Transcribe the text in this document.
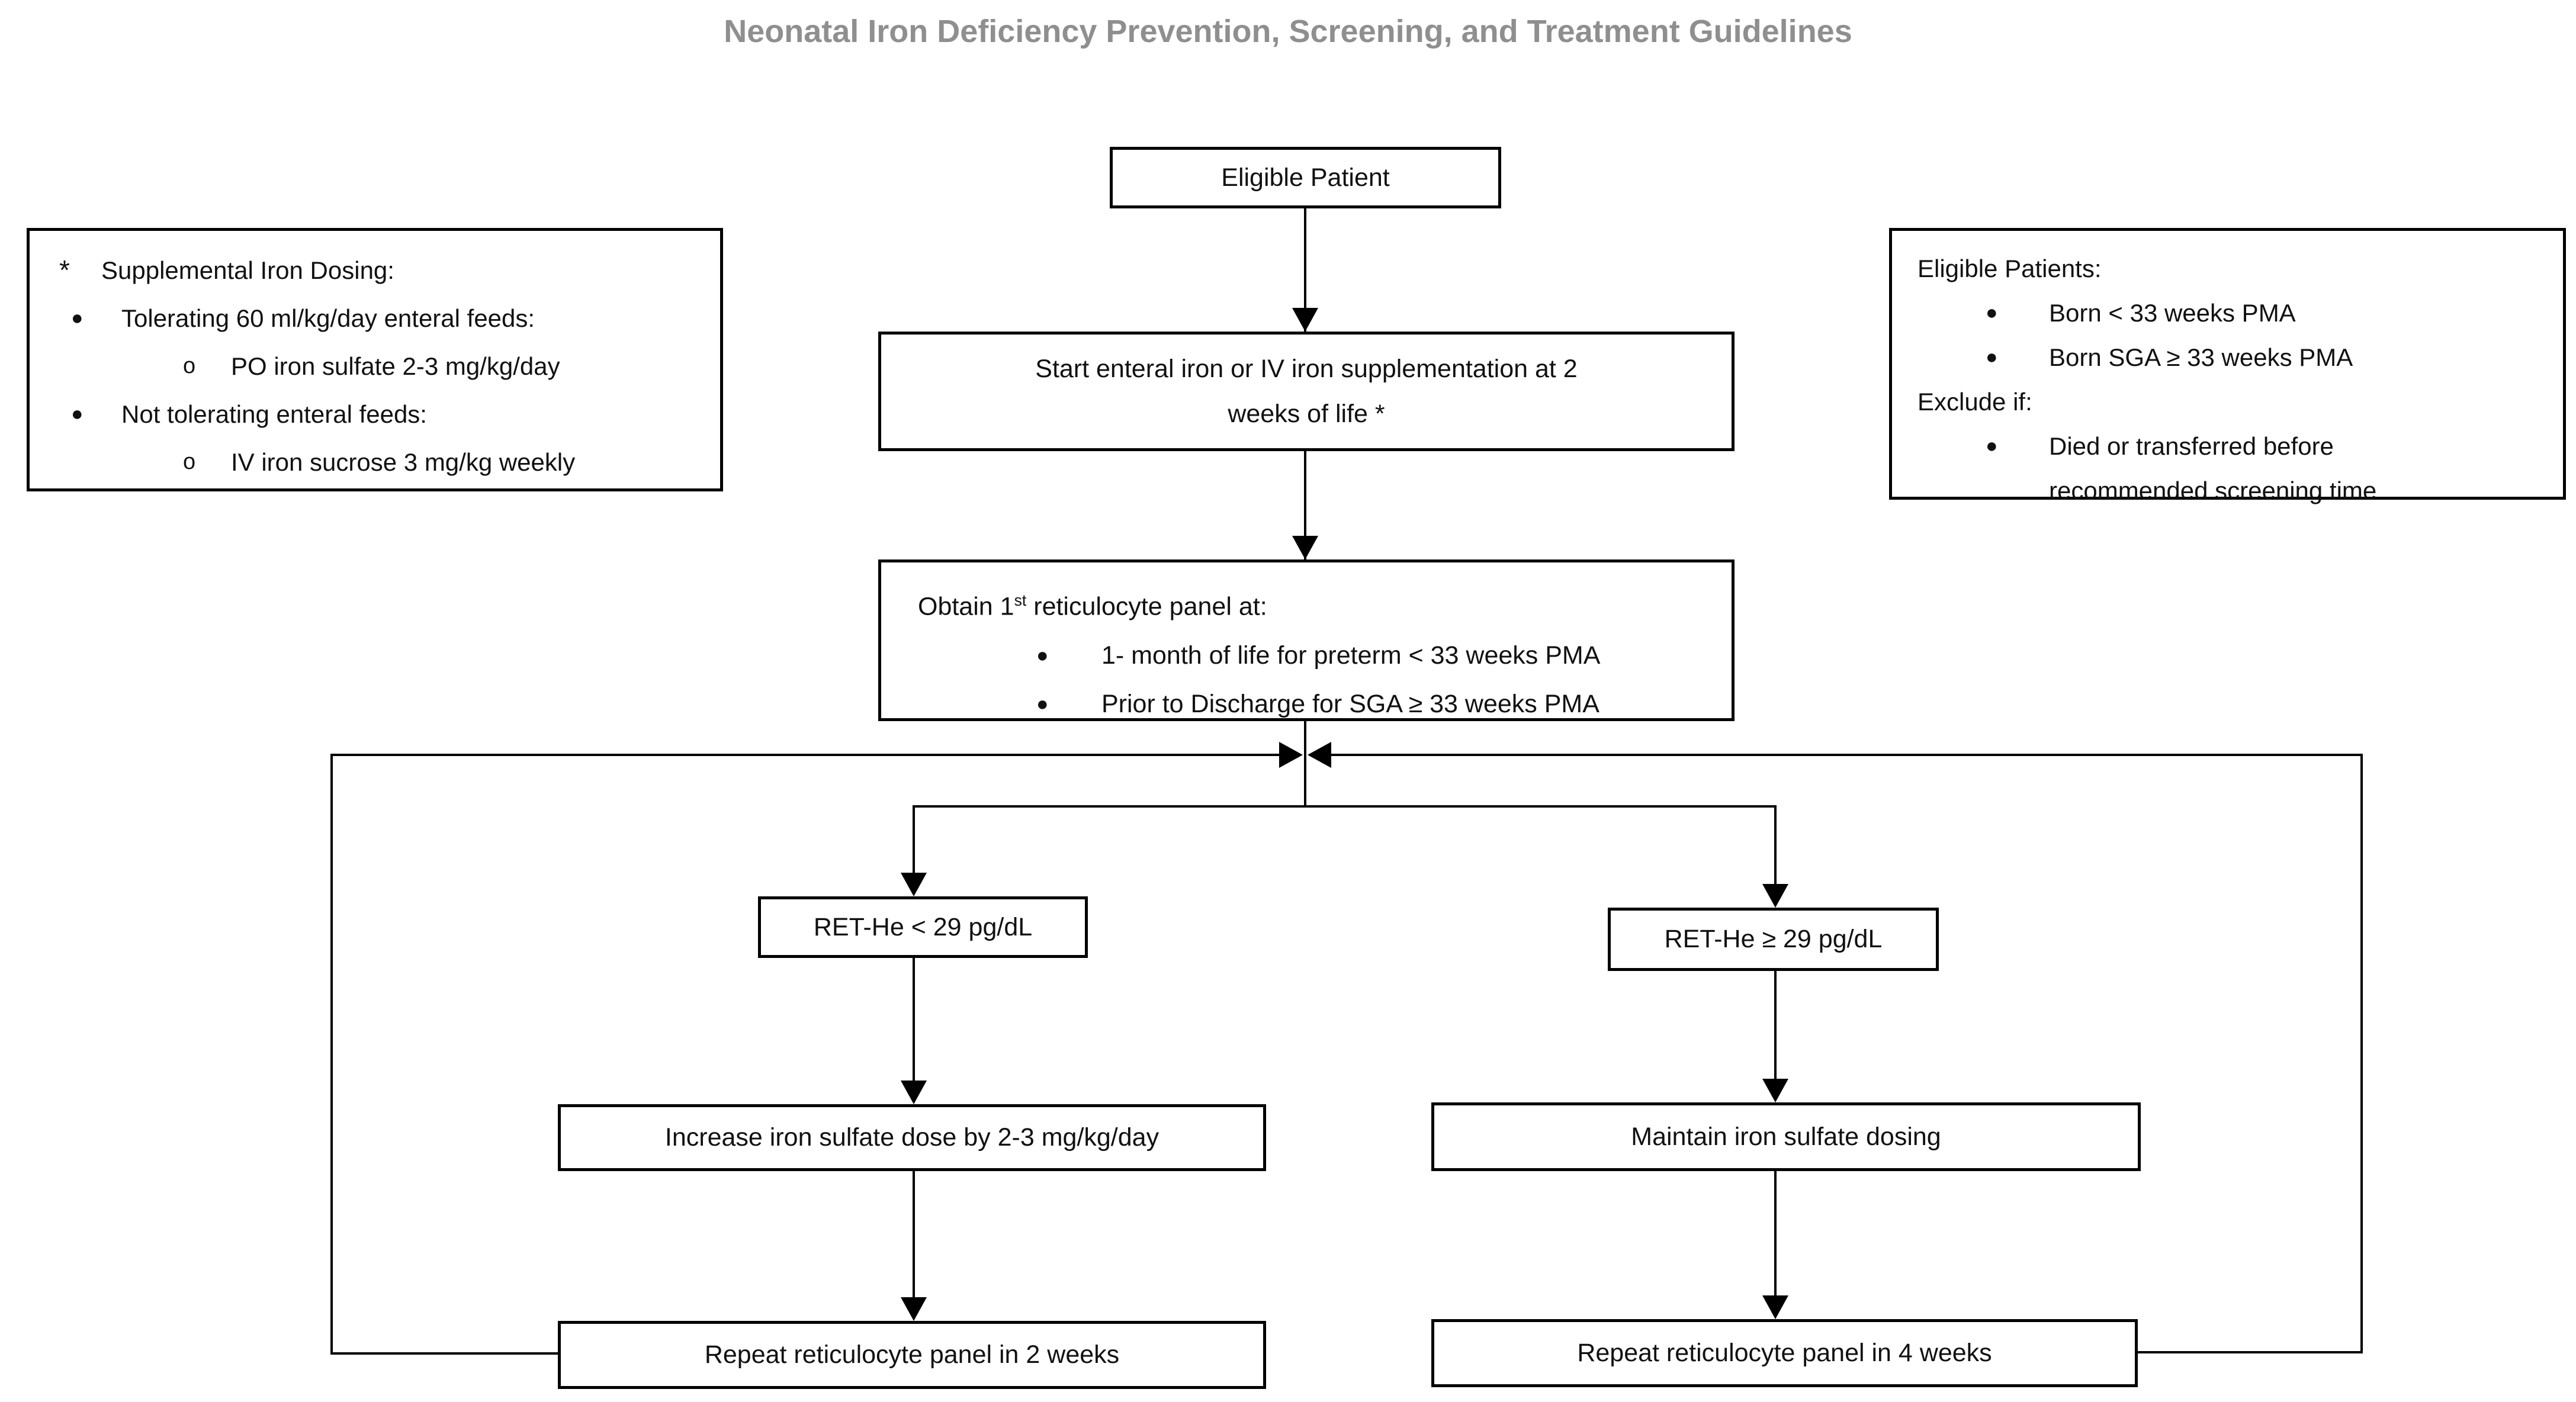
Neonatal Iron Deficiency Prevention, Screening, and Treatment Guidelines
Eligible Patient
Start enteral iron or IV iron supplementation at 2
weeks of life *
Obtain 1st reticulocyte panel at:
●	1- month of life for preterm < 33 weeks PMA
●	Prior to Discharge for SGA ≥ 33 weeks PMA
RET-He < 29 pg/dL	RET-He ≥ 29 pg/dL
Increase iron sulfate dose by 2-3 mg/kg/day	Maintain iron sulfate dosing
Repeat reticulocyte panel in 2 weeks	Repeat reticulocyte panel in 4 weeks
*	Supplemental Iron Dosing:
●	Tolerating 60 ml/kg/day enteral feeds:
o	PO iron sulfate 2-3 mg/kg/day
●	Not tolerating enteral feeds:
o	IV iron sucrose 3 mg/kg weekly
Eligible Patients:
●	Born < 33 weeks PMA
●	Born SGA ≥ 33 weeks PMA
Exclude if:
●	Died or transferred before
recommended screening time
